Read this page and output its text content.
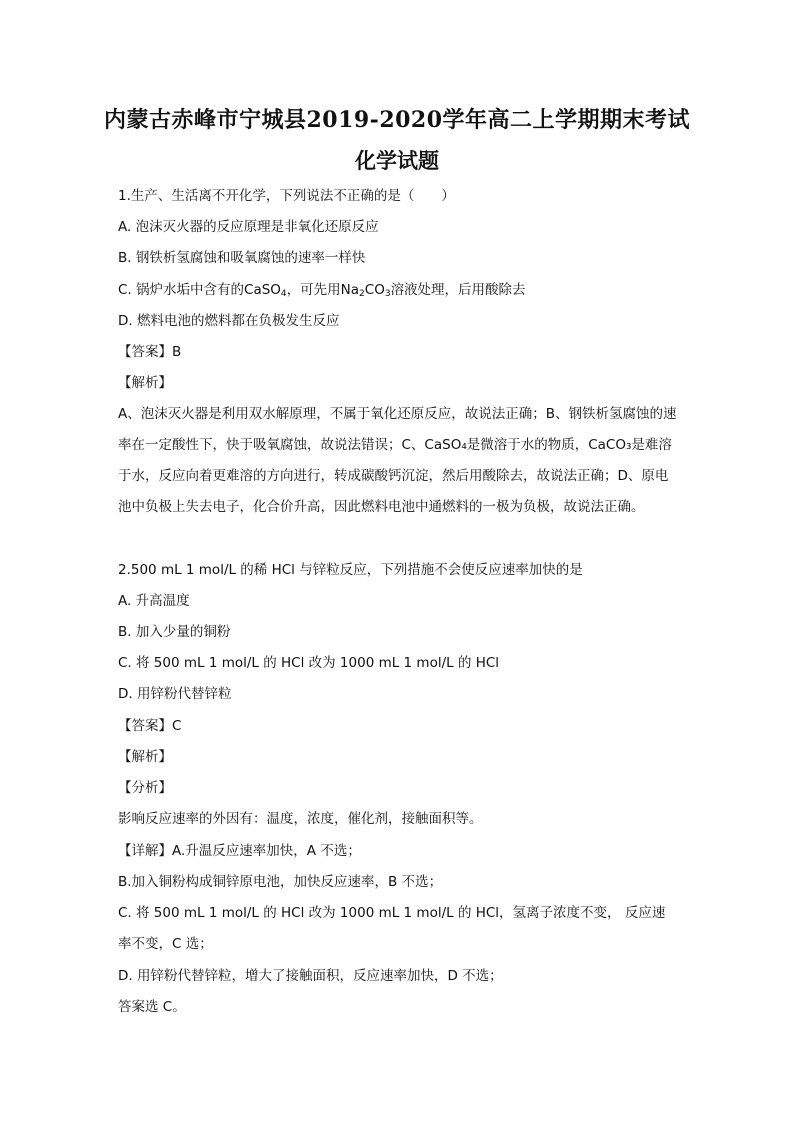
内蒙古赤峰市宁城县2019-2020学年高二上学期期末考试
化学试题
1.生产、生活离不开化学，下列说法不正确的是（　　）
A. 泡沫灭火器的反应原理是非氧化还原反应
B. 钢铁析氢腐蚀和吸氧腐蚀的速率一样快
C. 锅炉水垢中含有的CaSO$_4$，可先用$Na_2CO_3$溶液处理，后用酸除去
D. 燃料电池的燃料都在负极发生反应
【答案】B
【解析】
A、泡沫灭火器是利用双水解原理，不属于氧化还原反应，故说法正确；B、钢铁析氢腐蚀的速率在一定酸性下，快于吸氧腐蚀，故说法错误；C、CaSO₄是微溶于水的物质，CaCO₃是难溶于水，反应向着更难溶的方向进行，转成碳酸钙沉淀，然后用酸除去，故说法正确；D、原电池中负极上失去电子，化合价升高，因此燃料电池中通燃料的一极为负极，故说法正确。
2.500 mL 1 mol/L 的稀 HCl 与锌粒反应，下列措施不会使反应速率加快的是
A. 升高温度
B. 加入少量的铜粉
C. 将 500 mL 1 mol/L 的 HCl 改为 1000 mL 1 mol/L 的 HCl
D. 用锌粉代替锌粒
【答案】C
【解析】
【分析】
影响反应速率的外因有：温度，浓度，催化剂，接触面积等。
【详解】A.升温反应速率加快，A 不选；
B.加入铜粉构成铜锌原电池，加快反应速率，B 不选；
C. 将 500 mL 1 mol/L 的 HCl 改为 1000 mL 1 mol/L 的 HCl，氢离子浓度不变， 反应速率不变，C 选；
D. 用锌粉代替锌粒，增大了接触面积，反应速率加快，D 不选；
答案选 C。
